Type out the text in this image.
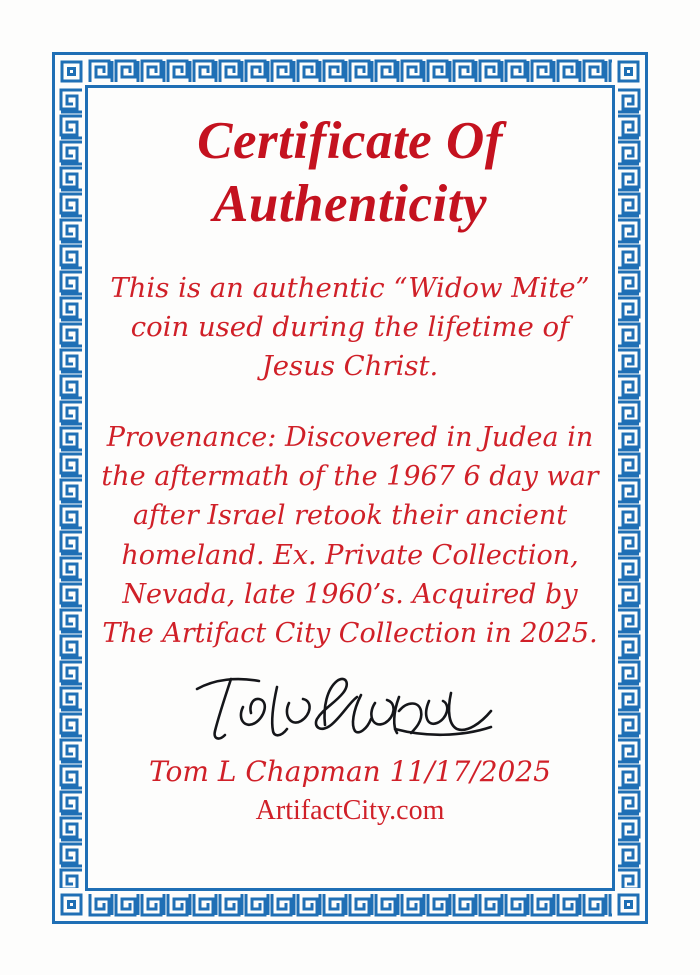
Certificate Of
Authenticity

This is an authentic “Widow Mite” coin used during the lifetime of Jesus Christ.

Provenance: Discovered in Judea in the aftermath of the 1967 6 day war after Israel retook their ancient homeland. Ex. Private Collection, Nevada, late 1960’s. Acquired by The Artifact City Collection in 2025.

Tom L Chapman 11/17/2025

ArtifactCity.com
